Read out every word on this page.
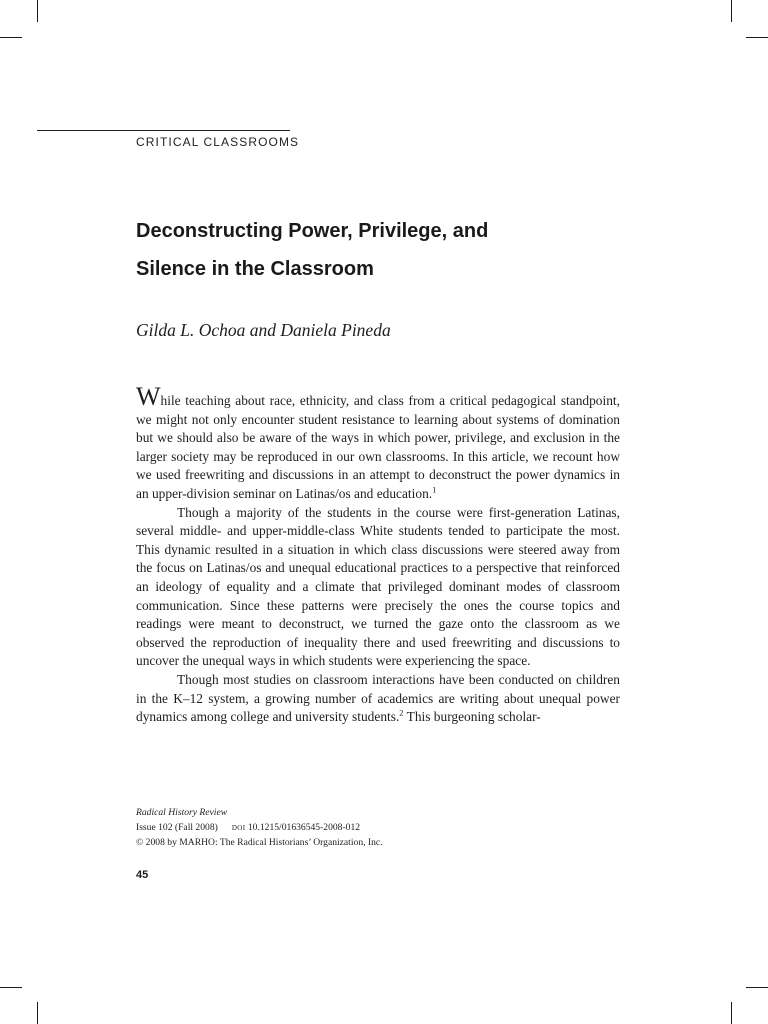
CRITICAL CLASSROOMS
Deconstructing Power, Privilege, and
Silence in the Classroom
Gilda L. Ochoa and Daniela Pineda

While teaching about race, ethnicity, and class from a critical pedagogical standpoint, we might not only encounter student resistance to learning about systems of domination but we should also be aware of the ways in which power, privilege, and exclusion in the larger society may be reproduced in our own classrooms. In this article, we recount how we used freewriting and discussions in an attempt to deconstruct the power dynamics in an upper-division seminar on Latinas/os and education.$^1$

Though a majority of the students in the course were first-generation Latinas, several middle- and upper-middle-class White students tended to participate the most. This dynamic resulted in a situation in which class discussions were steered away from the focus on Latinas/os and unequal educational practices to a perspective that reinforced an ideology of equality and a climate that privileged dominant modes of classroom communication. Since these patterns were precisely the ones the course topics and readings were meant to deconstruct, we turned the gaze onto the classroom as we observed the reproduction of inequality there and used freewriting and discussions to uncover the unequal ways in which students were experiencing the space.

Though most studies on classroom interactions have been conducted on children in the K–12 system, a growing number of academics are writing about unequal power dynamics among college and university students.$^2$ This burgeoning scholar-

Radical History Review
Issue 102 (Fall 2008) doi 10.1215/01636545-2008-012
© 2008 by MARHO: The Radical Historians’ Organization, Inc.
45
